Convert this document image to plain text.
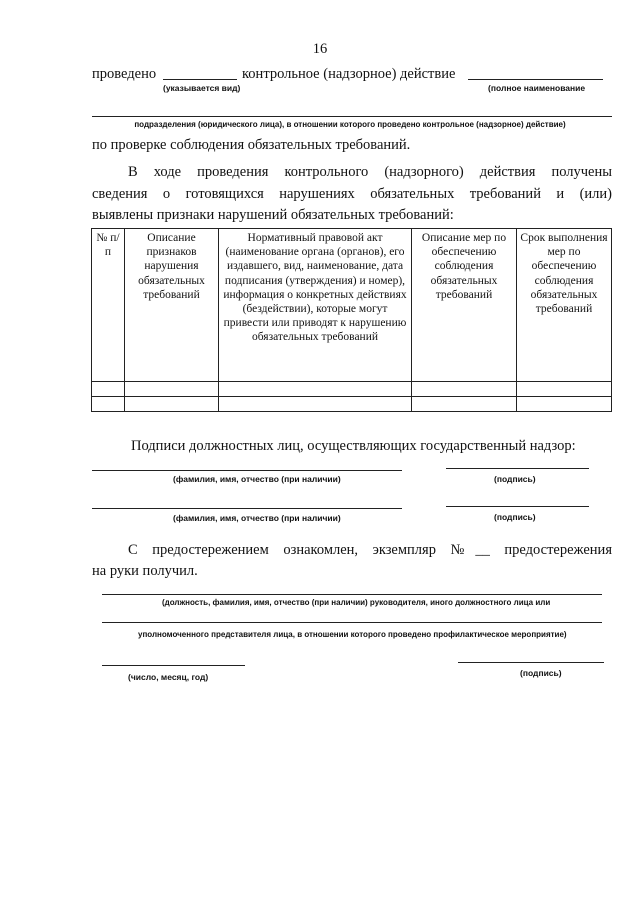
16
проведено	контрольное (надзорное) действие
(указывается вид)	(полное наименование
подразделения (юридического лица), в отношении которого проведено контрольное (надзорное) действие)
по проверке соблюдения обязательных требований.
В ходе проведения контрольного (надзорного) действия получены
сведения о готовящихся нарушениях обязательных требований и (или)
выявлены признаки нарушений обязательных требований:
№ п/п	Описание признаков нарушения обязательных требований	Нормативный правовой акт (наименование органа (органов), его издавшего, вид, наименование, дата подписания (утверждения) и номер), информация о конкретных действиях (бездействии), которые могут привести или приводят к нарушению обязательных требований	Описание мер по обеспечению соблюдения обязательных требований	Срок выполнения мер по обеспечению соблюдения обязательных требований

Подписи должностных лиц, осуществляющих государственный надзор:
(фамилия, имя, отчество (при наличии)	(подпись)
(фамилия, имя, отчество (при наличии)	(подпись)
С предостережением ознакомлен, экземпляр №__ предостережения
на руки получил.
(должность, фамилия, имя, отчество (при наличии) руководителя, иного должностного лица или
уполномоченного представителя лица, в отношении которого проведено профилактическое мероприятие)
(число, месяц, год)	(подпись)
